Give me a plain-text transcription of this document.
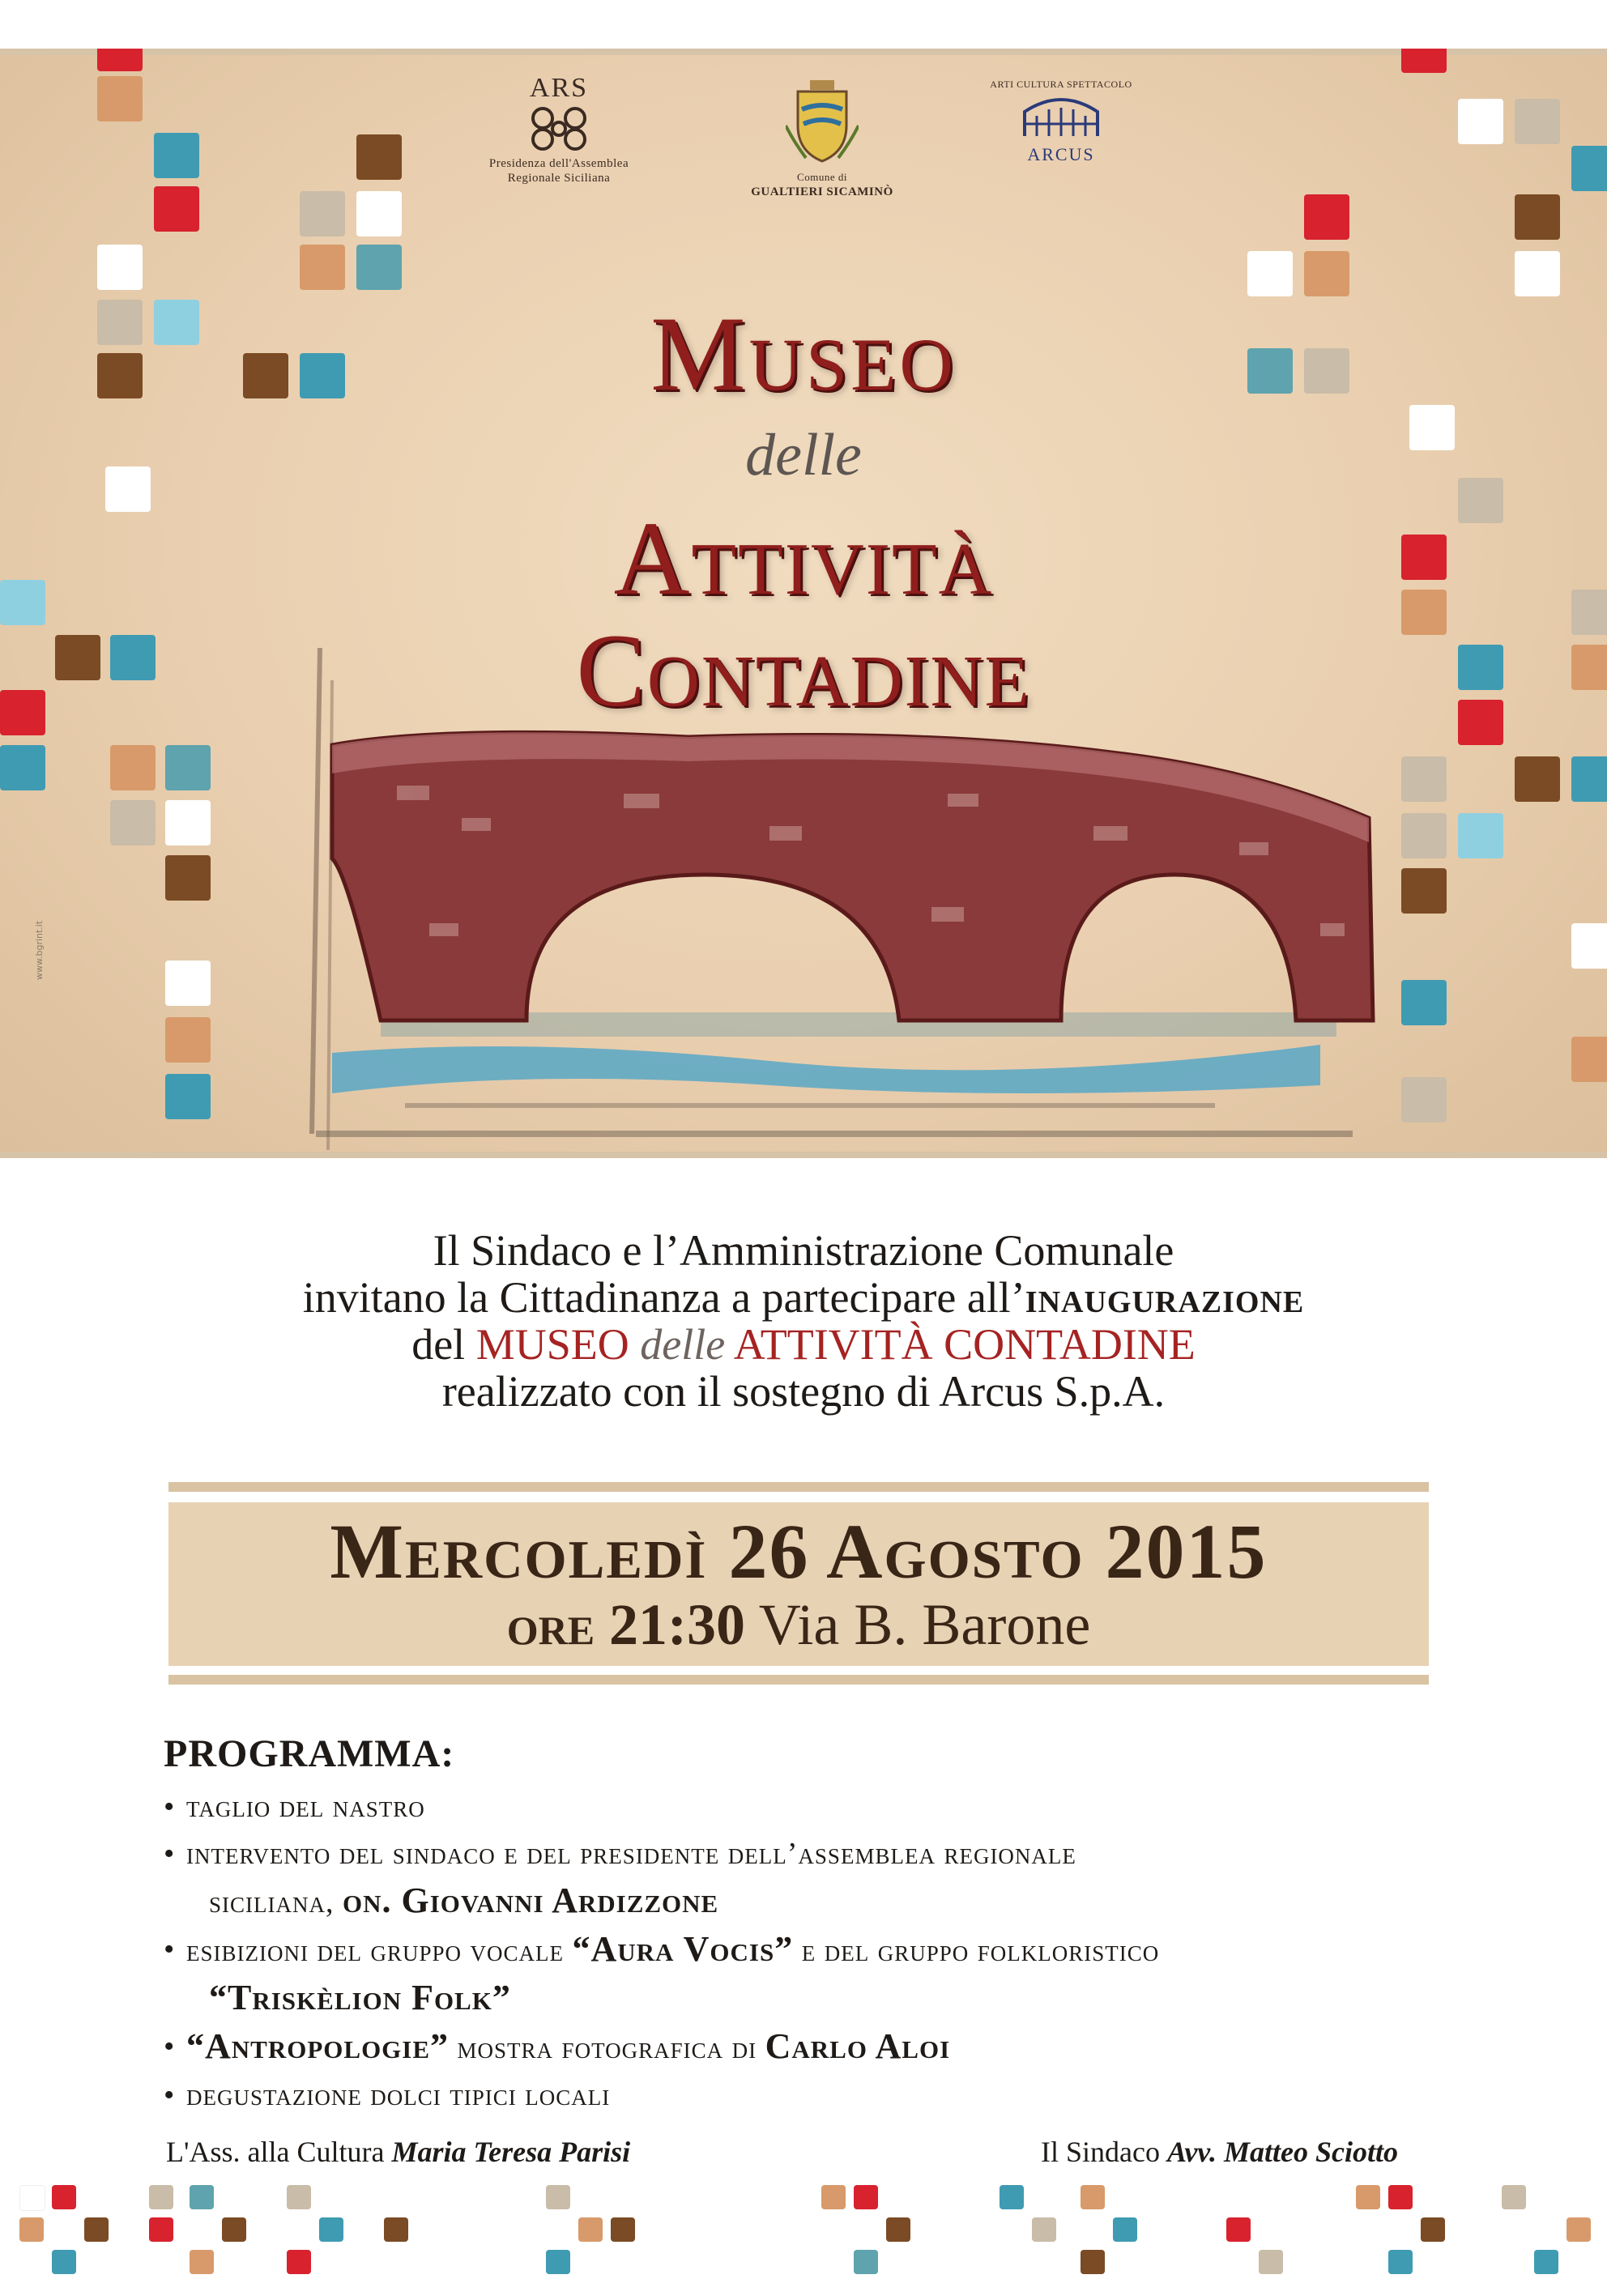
ARS
Presidenza dell'Assemblea
Regionale Siciliana	Comune di
GUALTIERI SICAMINÒ
ARTI CULTURA SPETTACOLO
ARCUS
Museo
delle
Attività
Contadine
www.bgrint.it
Il Sindaco e l’Amministrazione Comunale
invitano la Cittadinanza a partecipare all’inaugurazione
del MUSEO delle ATTIVITÀ CONTADINE
realizzato con il sostegno di Arcus S.p.A.
Mercoledì 26 Agosto 2015
ore 21:30 Via B. Barone
PROGRAMMA:
• taglio del nastro
• intervento del sindaco e del presidente dell’assemblea regionale
siciliana, on. Giovanni Ardizzone
• esibizioni del gruppo vocale “Aura Vocis” e del gruppo folkloristico
“Triskèlion Folk”
• “Antropologie” mostra fotografica di Carlo Aloi
• degustazione dolci tipici locali
L'Ass. alla Cultura Maria Teresa Parisi	Il Sindaco Avv. Matteo Sciotto
